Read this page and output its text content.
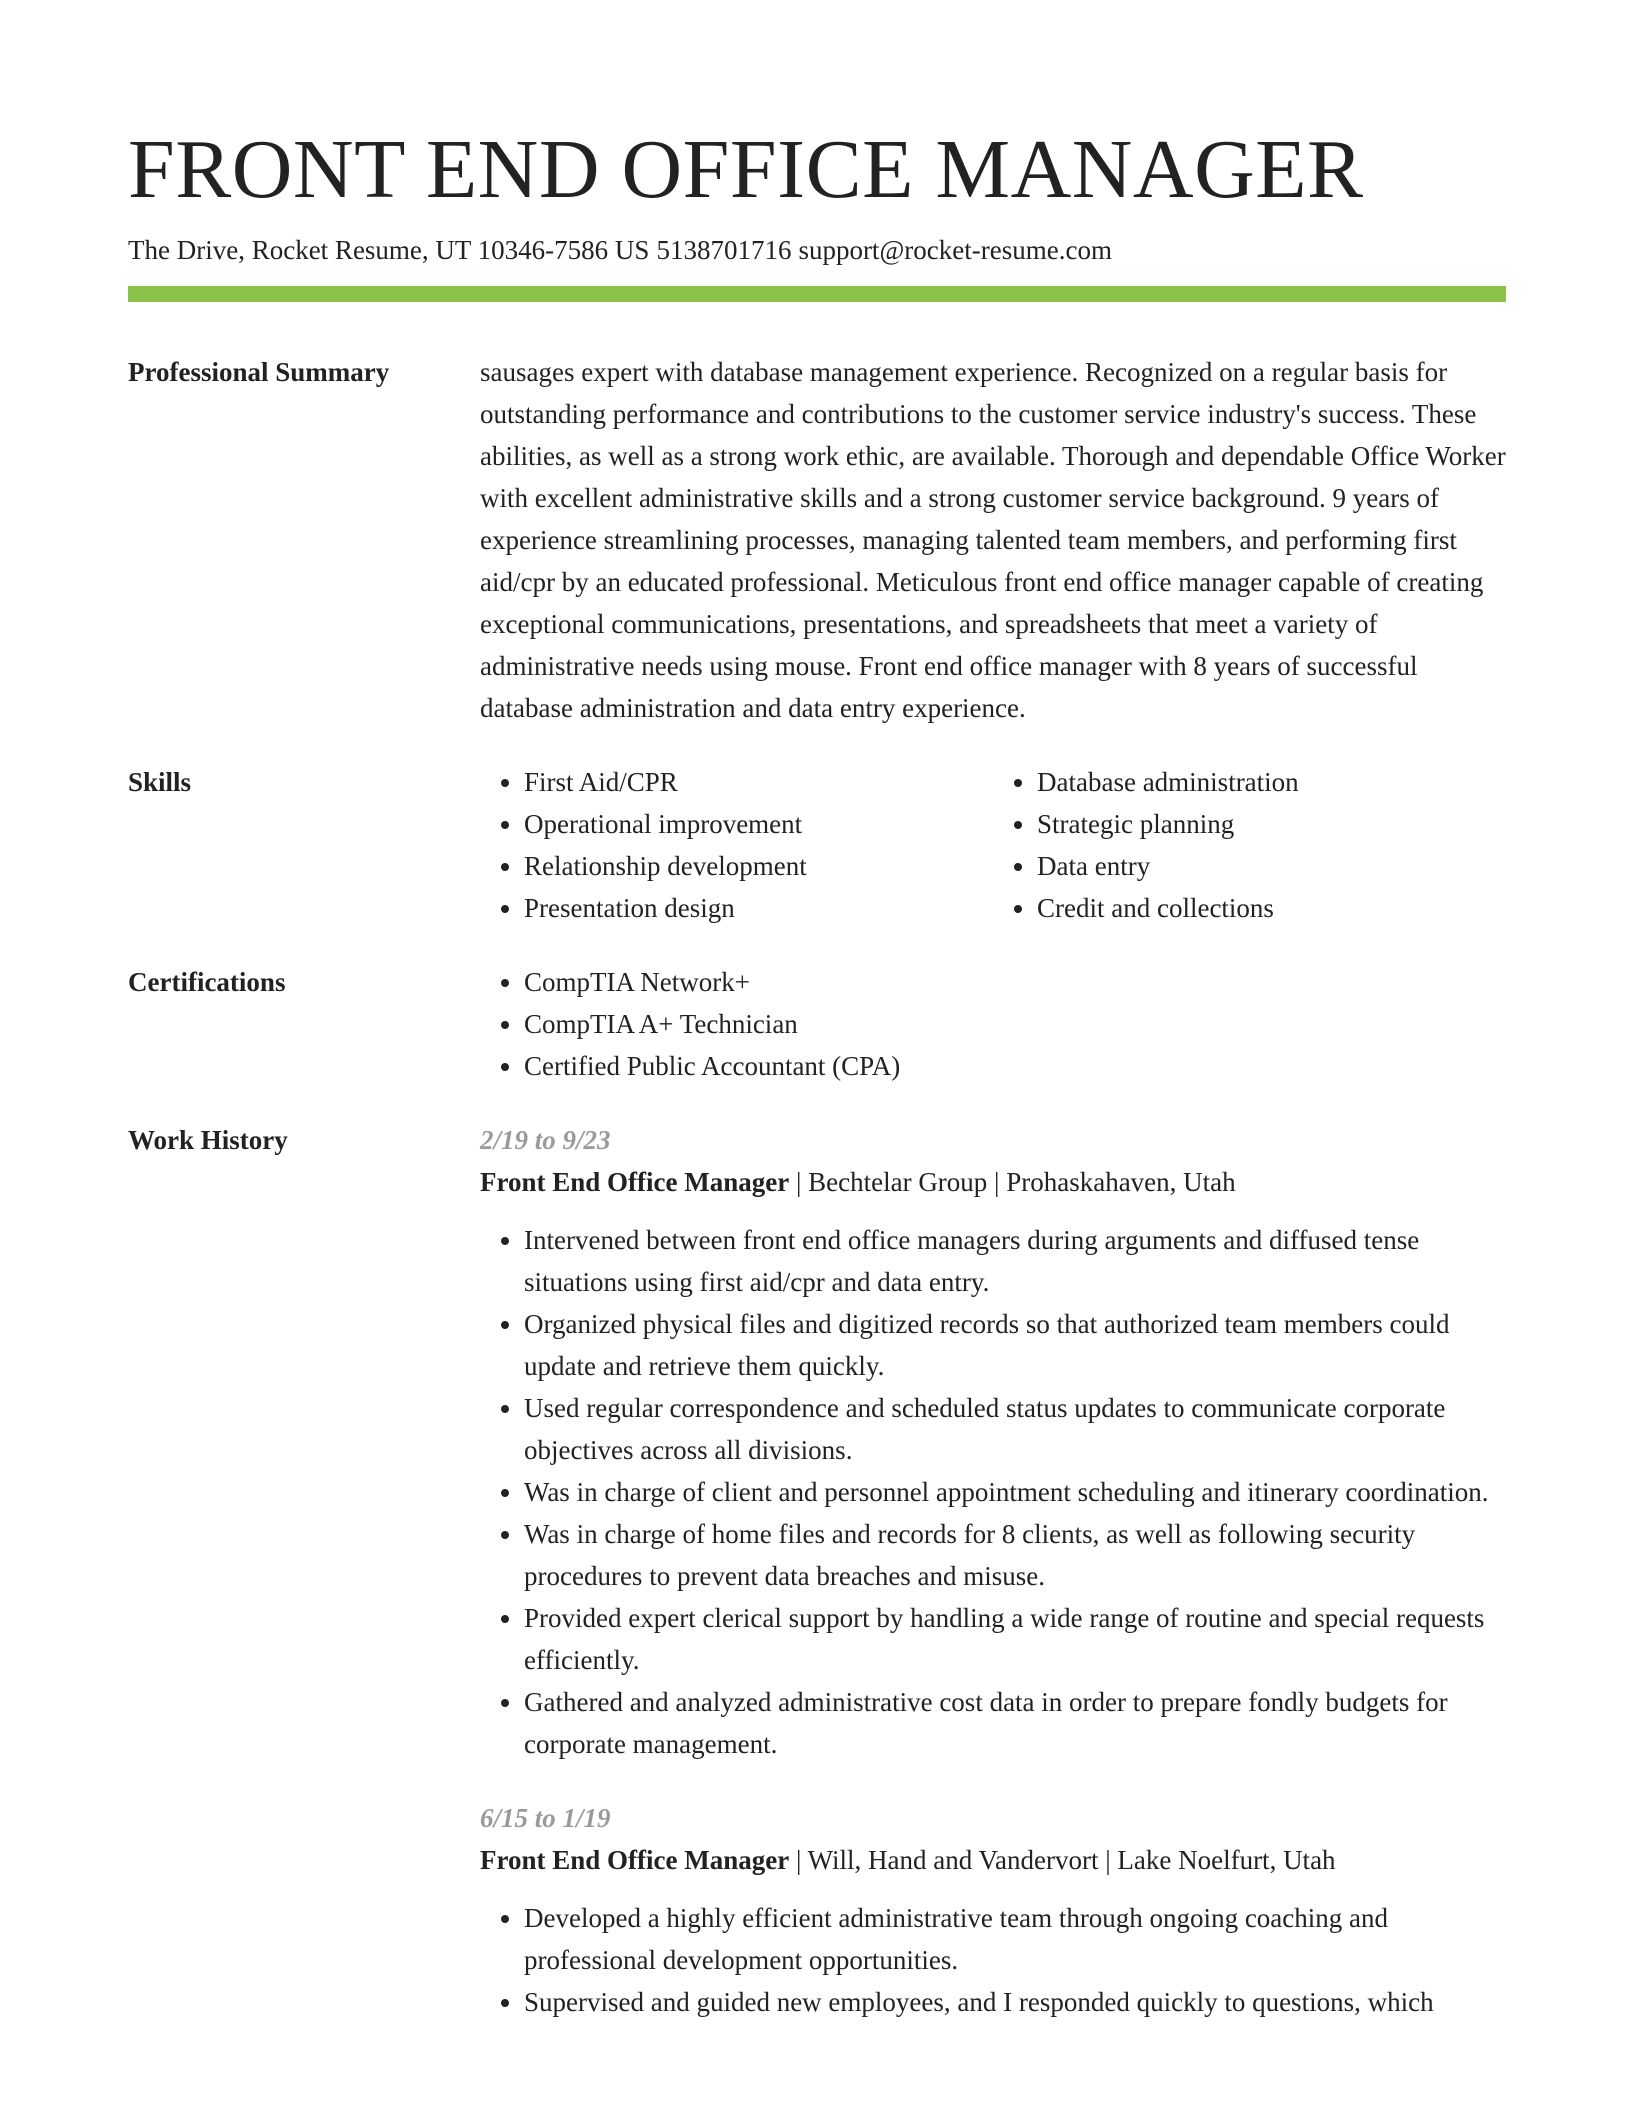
FRONT END OFFICE MANAGER
The Drive, Rocket Resume, UT 10346-7586 US 5138701716 support@rocket-resume.com
Professional Summary	sausages expert with database management experience. Recognized on a regular basis for outstanding performance and contributions to the customer service industry's success. These abilities, as well as a strong work ethic, are available. Thorough and dependable Office Worker with excellent administrative skills and a strong customer service background. 9 years of experience streamlining processes, managing talented team members, and performing first aid/cpr by an educated professional. Meticulous front end office manager capable of creating exceptional communications, presentations, and spreadsheets that meet a variety of administrative needs using mouse. Front end office manager with 8 years of successful database administration and data entry experience.

Skills	• First Aid/CPR
• Operational improvement
• Relationship development
• Presentation design
• Database administration
• Strategic planning
• Data entry
• Credit and collections
Certifications	• CompTIA Network+
• CompTIA A+ Technician
• Certified Public Accountant (CPA)
Work History	2/19 to 9/23
Front End Office Manager | Bechtelar Group | Prohaskahaven, Utah
• Intervened between front end office managers during arguments and diffused tense situations using first aid/cpr and data entry.
• Organized physical files and digitized records so that authorized team members could update and retrieve them quickly.
• Used regular correspondence and scheduled status updates to communicate corporate objectives across all divisions.
• Was in charge of client and personnel appointment scheduling and itinerary coordination.
• Was in charge of home files and records for 8 clients, as well as following security procedures to prevent data breaches and misuse.
• Provided expert clerical support by handling a wide range of routine and special requests efficiently.
• Gathered and analyzed administrative cost data in order to prepare fondly budgets for corporate management.
6/15 to 1/19
Front End Office Manager | Will, Hand and Vandervort | Lake Noelfurt, Utah
• Developed a highly efficient administrative team through ongoing coaching and professional development opportunities.
• Supervised and guided new employees, and I responded quickly to questions, which
